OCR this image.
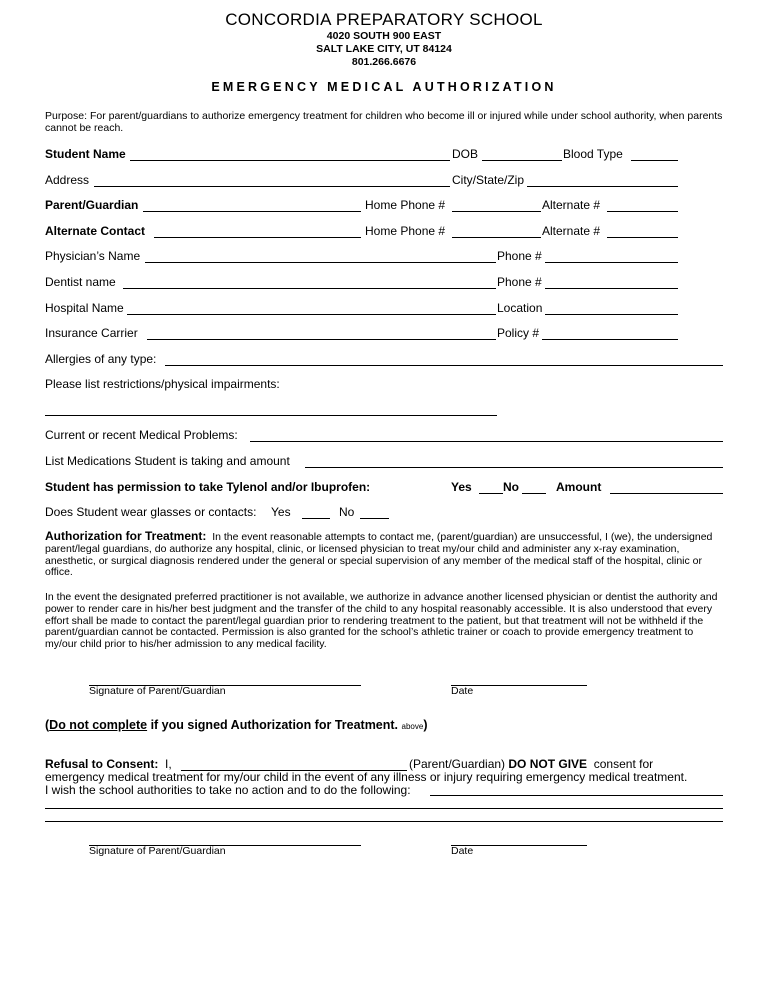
CONCORDIA PREPARATORY SCHOOL
4020 SOUTH 900 EAST
SALT LAKE CITY, UT 84124
801.266.6676
EMERGENCY MEDICAL AUTHORIZATION
Purpose: For parent/guardians to authorize emergency treatment for children who become ill or injured while under school authority, when parents cannot be reach.
Student Name	DOB	Blood Type
Address	City/State/Zip
Parent/Guardian	Home Phone #	Alternate #
Alternate Contact	Home Phone #	Alternate #
Physician’s Name	Phone #
Dentist name	Phone #
Hospital Name	Location
Insurance Carrier	Policy #
Allergies of any type:
Please list restrictions/physical impairments:
Current or recent Medical Problems:
List Medications Student is taking and amount
Student has permission to take Tylenol and/or Ibuprofen:	Yes	No	Amount
Does Student wear glasses or contacts: Yes	No
Authorization for Treatment: In the event reasonable attempts to contact me, (parent/guardian) are unsuccessful, I (we), the undersigned parent/legal guardians, do authorize any hospital, clinic, or licensed physician to treat my/our child and administer any x-ray examination, anesthetic, or surgical diagnosis rendered under the general or special supervision of any member of the medical staff of the hospital, clinic or office.
In the event the designated preferred practitioner is not available, we authorize in advance another licensed physician or dentist the authority and power to render care in his/her best judgment and the transfer of the child to any hospital reasonably accessible. It is also understood that every effort shall be made to contact the parent/legal guardian prior to rendering treatment to the patient, but that treatment will not be withheld if the parent/guardian cannot be contacted. Permission is also granted for the school’s athletic trainer or coach to provide emergency treatment to my/our child prior to his/her admission to any medical facility.
Signature of Parent/Guardian	Date
(Do not complete if you signed Authorization for Treatment. above)
Refusal to Consent: I,	(Parent/Guardian) DO NOT GIVE consent for
emergency medical treatment for my/our child in the event of any illness or injury requiring emergency medical treatment.
I wish the school authorities to take no action and to do the following:
Signature of Parent/Guardian	Date
